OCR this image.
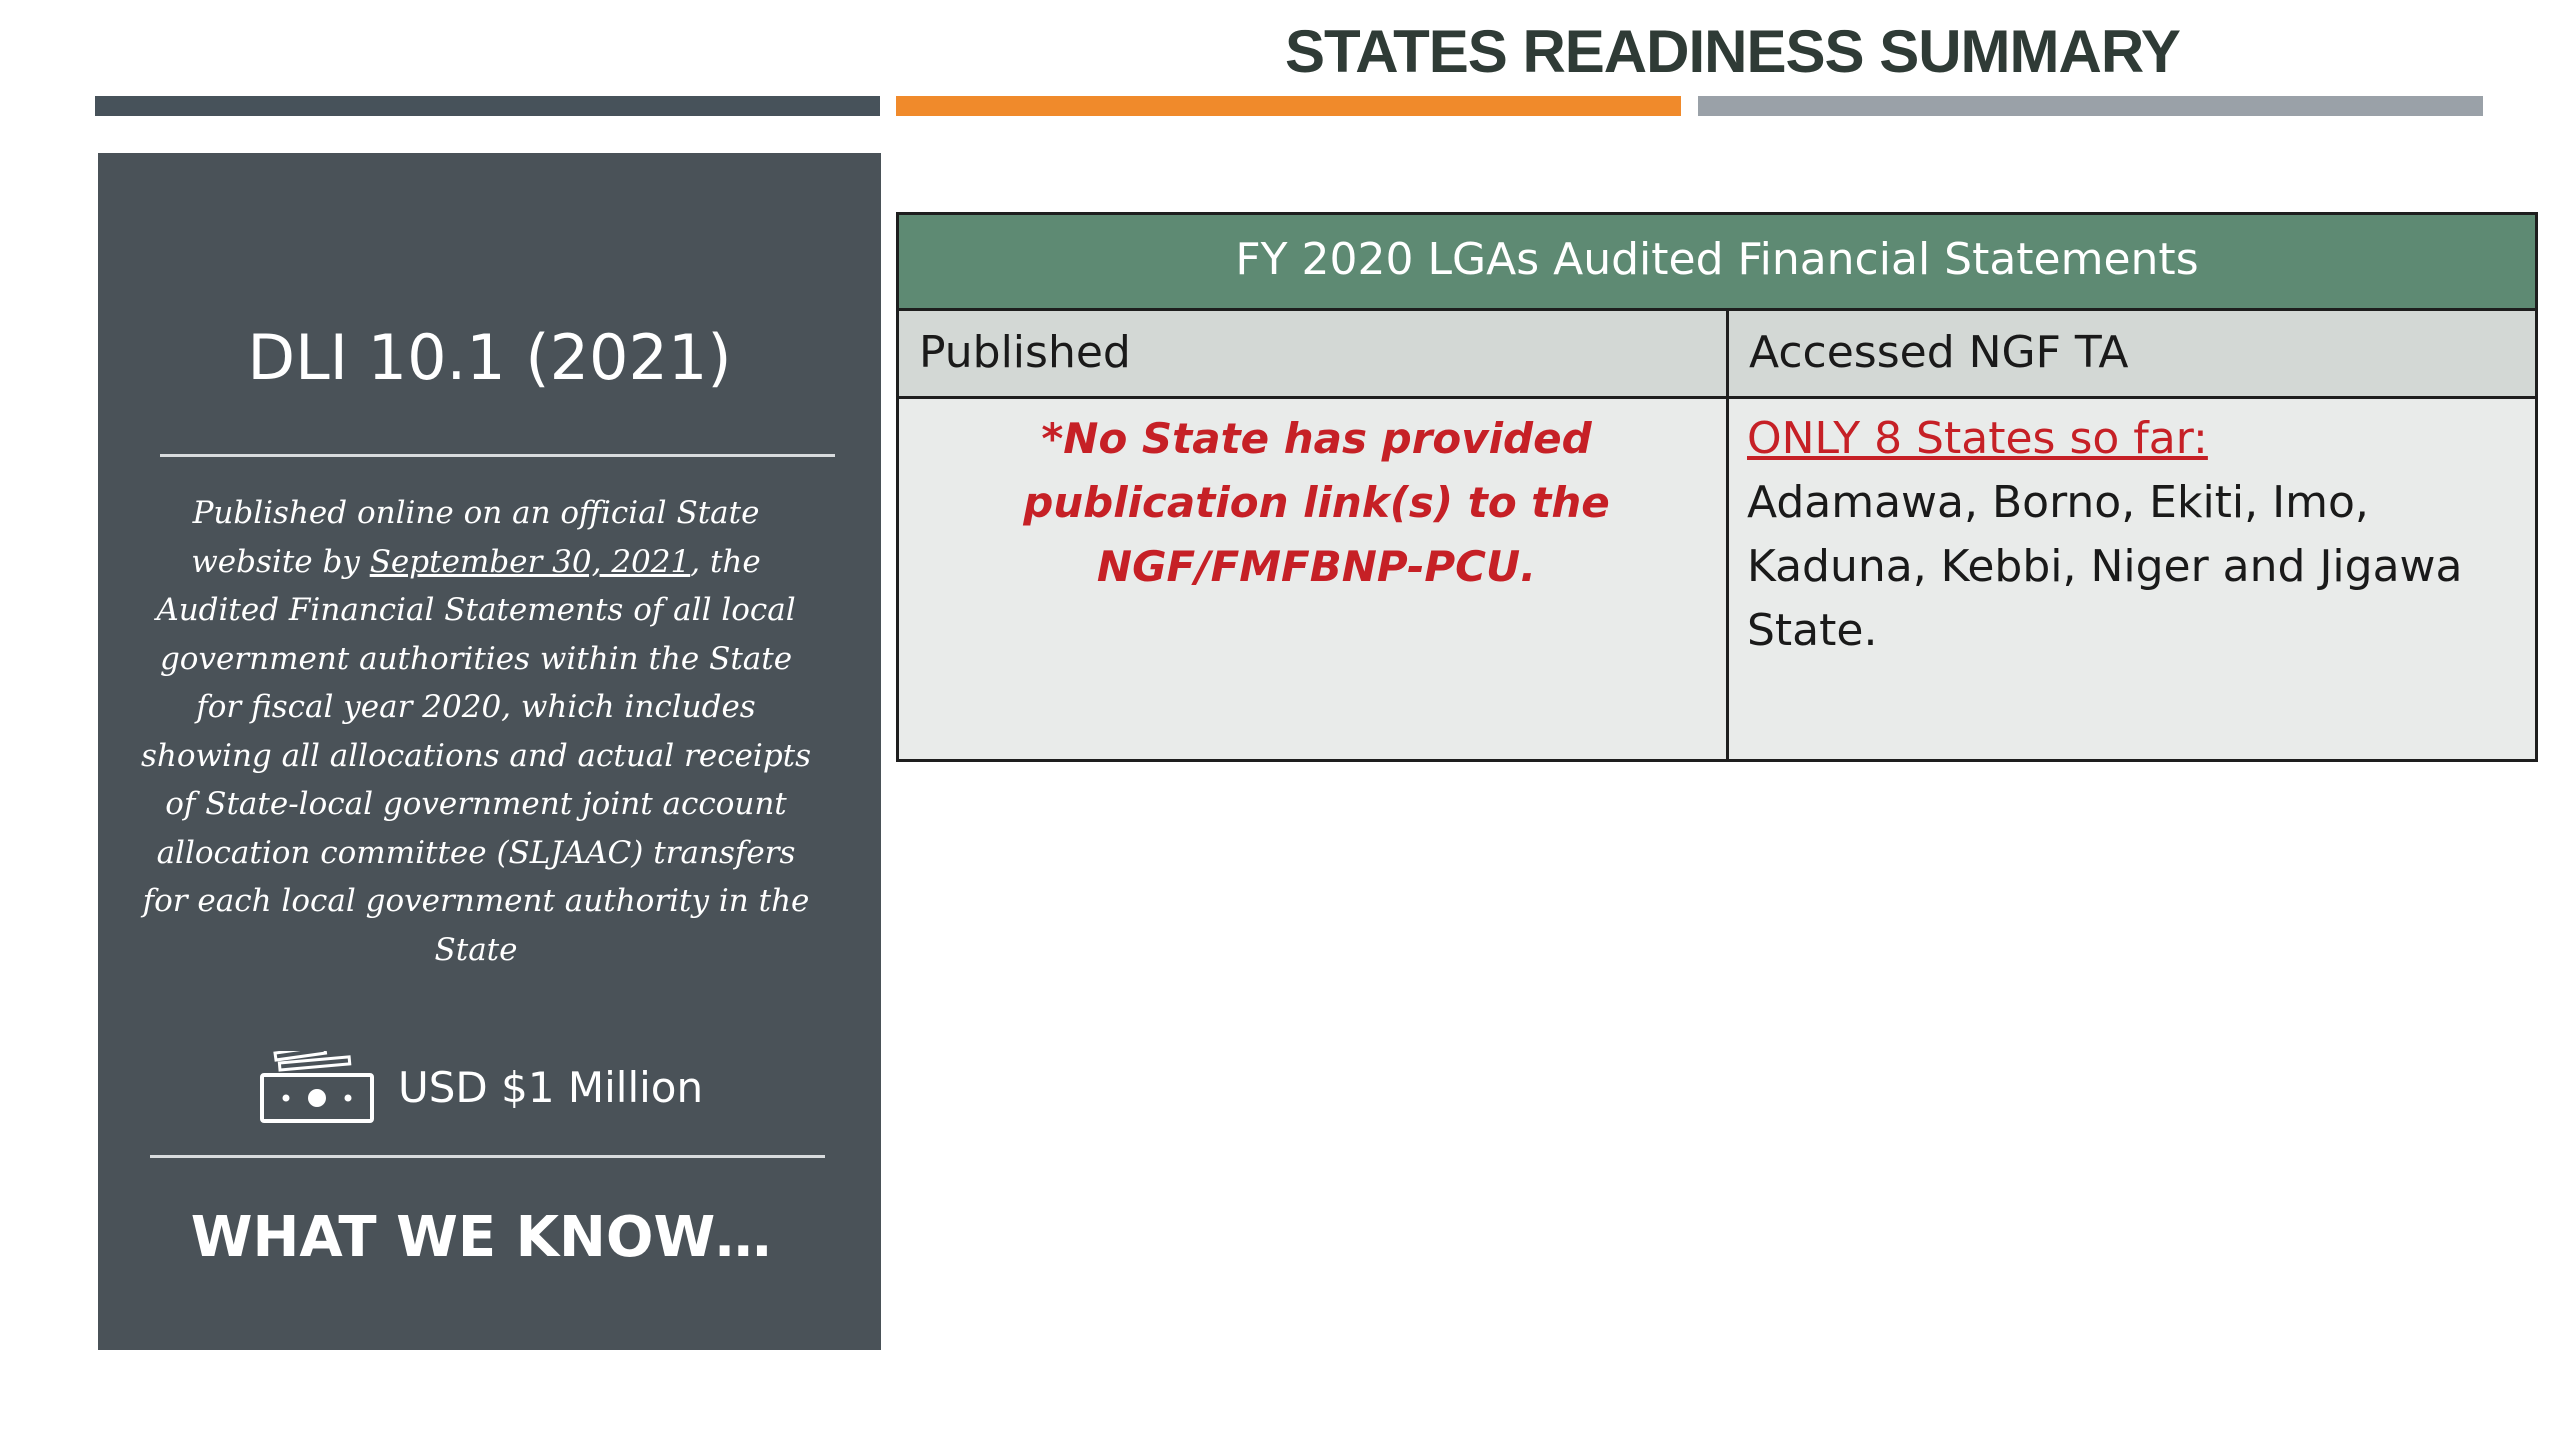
STATES READINESS SUMMARY
DLI 10.1 (2021)
Published online on an official State website by September 30, 2021, the Audited Financial Statements of all local government authorities within the State for fiscal year 2020, which includes showing all allocations and actual receipts of State-local government joint account allocation committee (SLJAAC) transfers for each local government authority in the State
USD $1 Million
WHAT WE KNOW…
FY 2020 LGAs Audited Financial Statements
Published	Accessed NGF TA
*No State has provided publication link(s) to the NGF/FMFBNP-PCU.
ONLY 8 States so far:
Adamawa, Borno, Ekiti, Imo, Kaduna, Kebbi, Niger and Jigawa State.
